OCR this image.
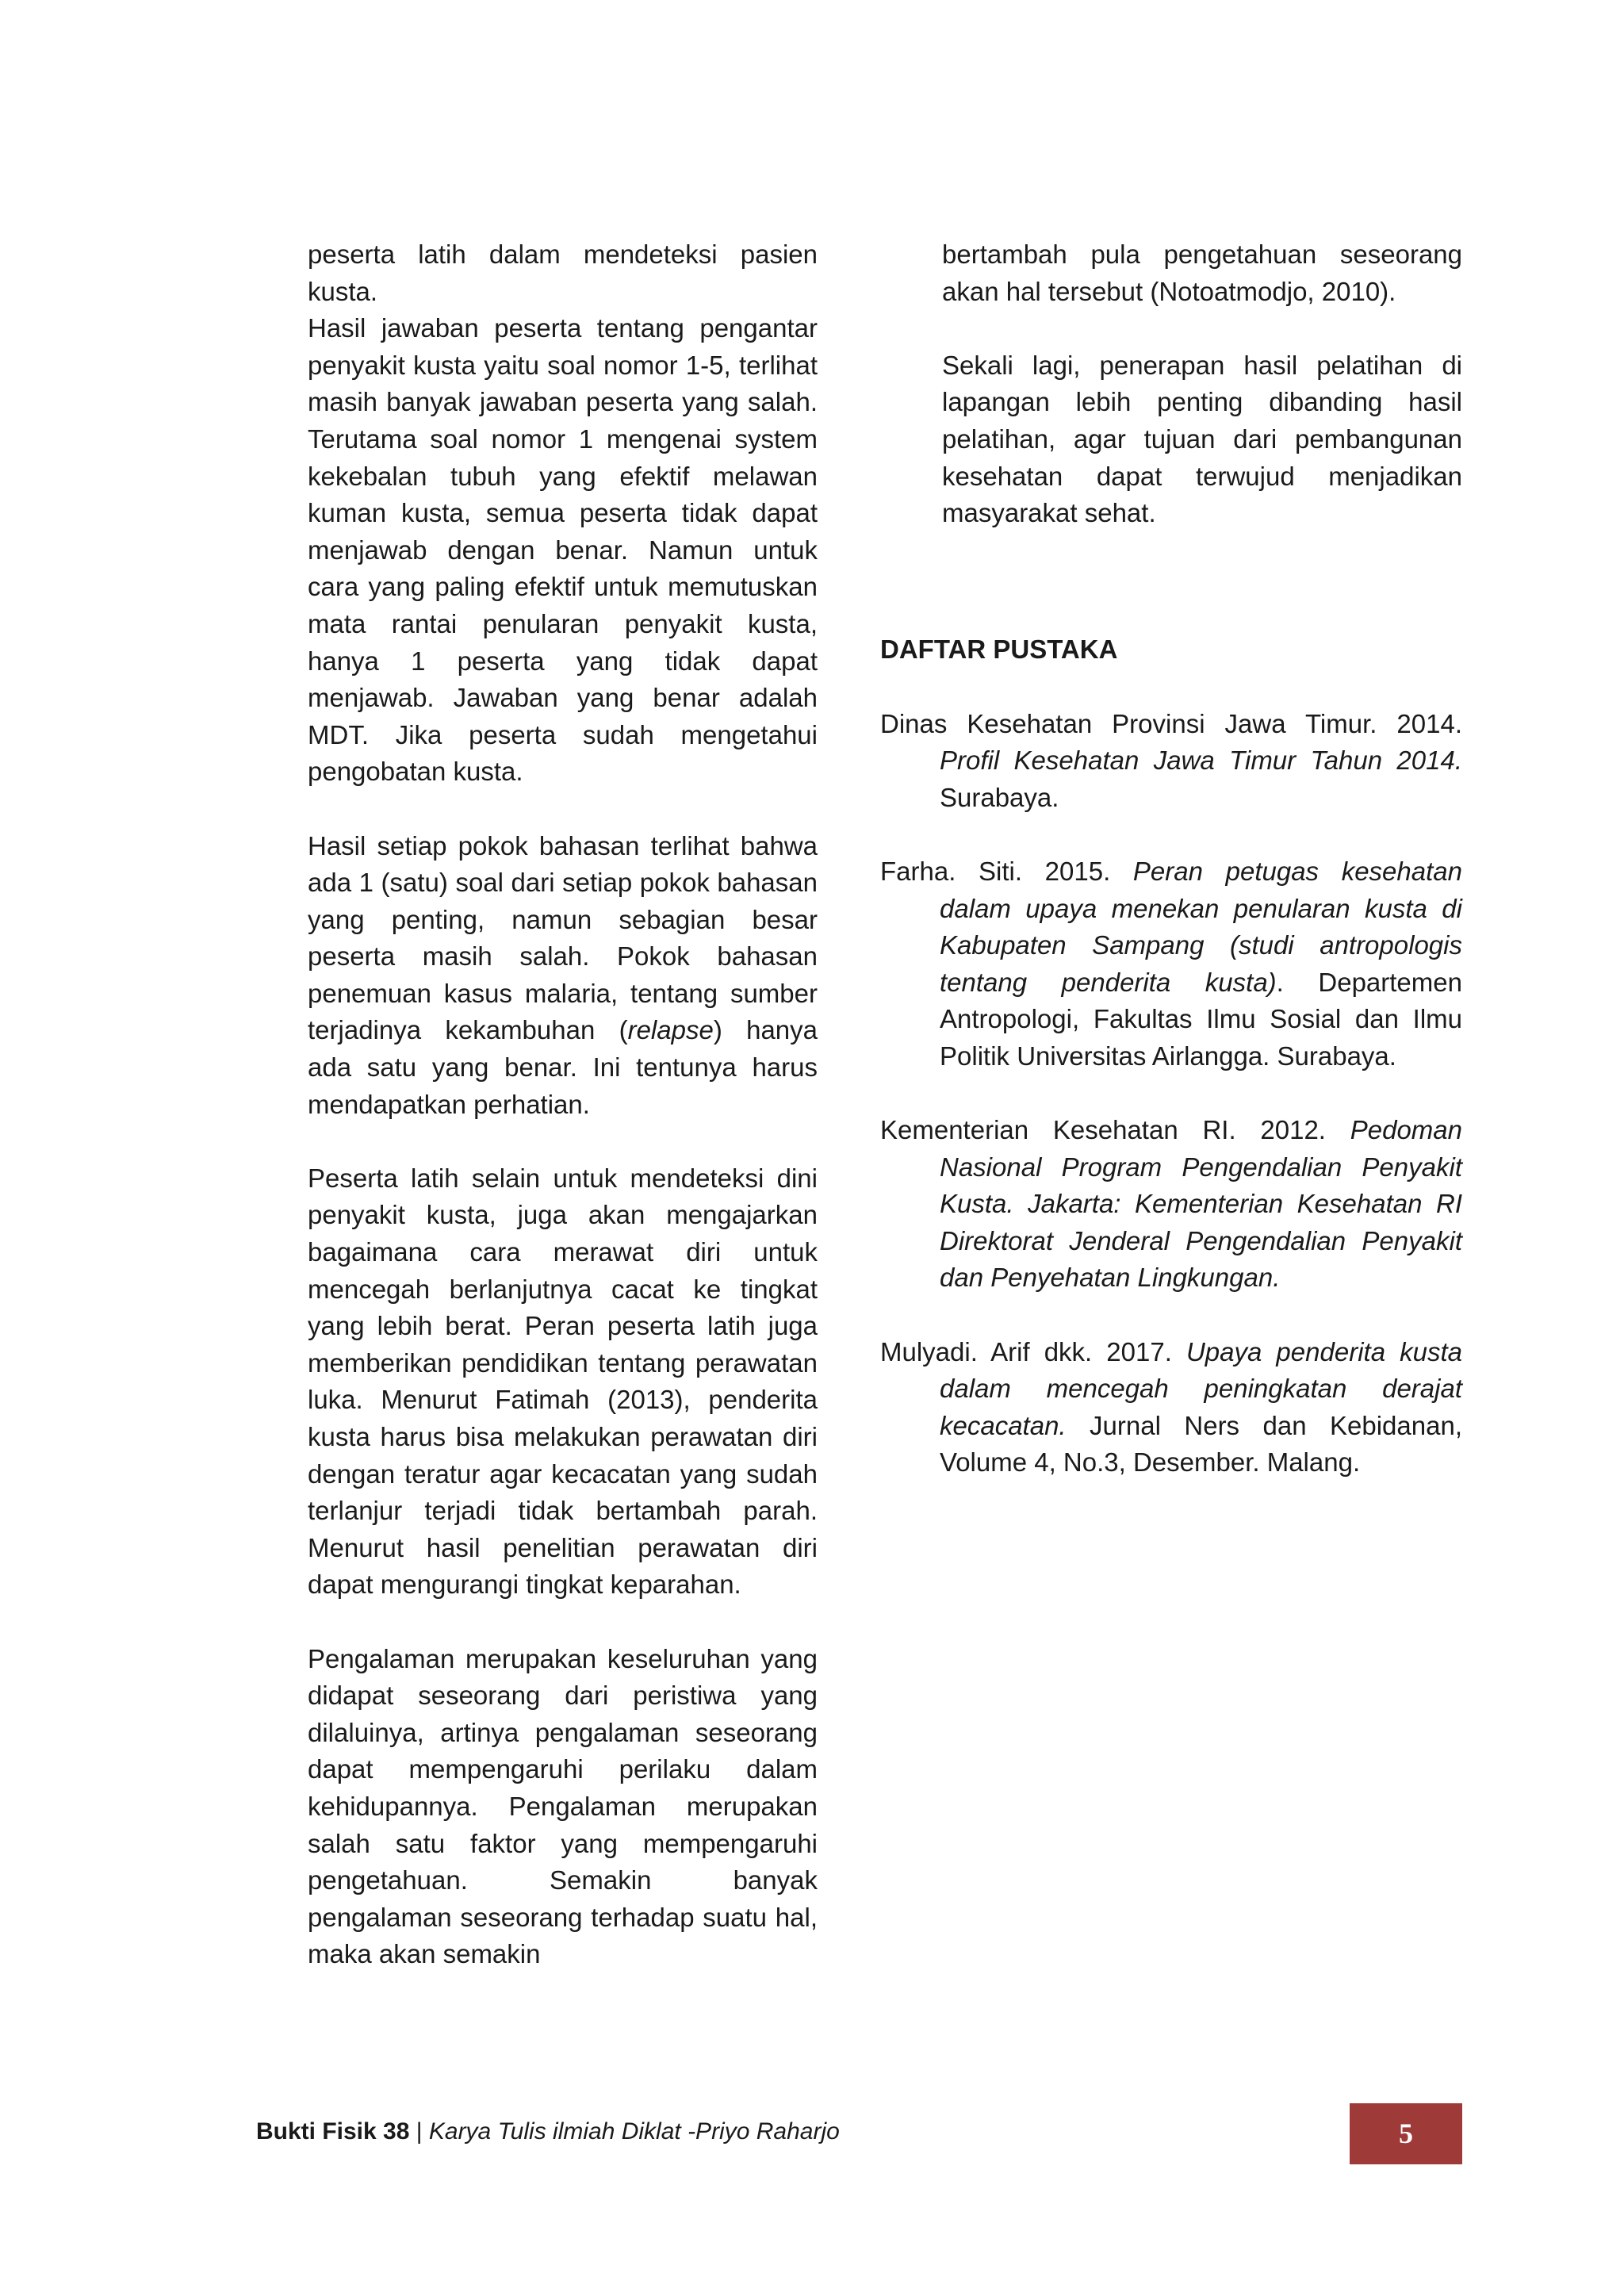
peserta latih dalam mendeteksi pasien kusta.

Hasil jawaban peserta tentang pengantar penyakit kusta yaitu soal nomor 1-5, terlihat masih banyak jawaban peserta yang salah. Terutama soal nomor 1 mengenai system kekebalan tubuh yang efektif melawan kuman kusta, semua peserta tidak dapat menjawab dengan benar. Namun untuk cara yang paling efektif untuk memutuskan mata rantai penularan penyakit kusta, hanya 1 peserta yang tidak dapat menjawab. Jawaban yang benar adalah MDT. Jika peserta sudah mengetahui pengobatan kusta.

Hasil setiap pokok bahasan terlihat bahwa ada 1 (satu) soal dari setiap pokok bahasan yang penting, namun sebagian besar peserta masih salah. Pokok bahasan penemuan kasus malaria, tentang sumber terjadinya kekambuhan (relapse) hanya ada satu yang benar. Ini tentunya harus mendapatkan perhatian.

Peserta latih selain untuk mendeteksi dini penyakit kusta, juga akan mengajarkan bagaimana cara merawat diri untuk mencegah berlanjutnya cacat ke tingkat yang lebih berat. Peran peserta latih juga memberikan pendidikan tentang perawatan luka. Menurut Fatimah (2013), penderita kusta harus bisa melakukan perawatan diri dengan teratur agar kecacatan yang sudah terlanjur terjadi tidak bertambah parah. Menurut hasil penelitian perawatan diri dapat mengurangi tingkat keparahan.

Pengalaman merupakan keseluruhan yang didapat seseorang dari peristiwa yang dilaluinya, artinya pengalaman seseorang dapat mempengaruhi perilaku dalam kehidupannya. Pengalaman merupakan salah satu faktor yang mempengaruhi pengetahuan. Semakin banyak pengalaman seseorang terhadap suatu hal, maka akan semakin

bertambah pula pengetahuan seseorang akan hal tersebut (Notoatmodjo, 2010).

Sekali lagi, penerapan hasil pelatihan di lapangan lebih penting dibanding hasil pelatihan, agar tujuan dari pembangunan kesehatan dapat terwujud menjadikan masyarakat sehat.

DAFTAR PUSTAKA

Dinas Kesehatan Provinsi Jawa Timur. 2014. Profil Kesehatan Jawa Timur Tahun 2014. Surabaya.

Farha. Siti. 2015. Peran petugas kesehatan dalam upaya menekan penularan kusta di Kabupaten Sampang (studi antropologis tentang penderita kusta). Departemen Antropologi, Fakultas Ilmu Sosial dan Ilmu Politik Universitas Airlangga. Surabaya.

Kementerian Kesehatan RI. 2012. Pedoman Nasional Program Pengendalian Penyakit Kusta. Jakarta: Kementerian Kesehatan RI Direktorat Jenderal Pengendalian Penyakit dan Penyehatan Lingkungan.

Mulyadi. Arif dkk. 2017. Upaya penderita kusta dalam mencegah peningkatan derajat kecacatan. Jurnal Ners dan Kebidanan, Volume 4, No.3, Desember. Malang.

Bukti Fisik 38 | Karya Tulis ilmiah Diklat -Priyo Raharjo	5
